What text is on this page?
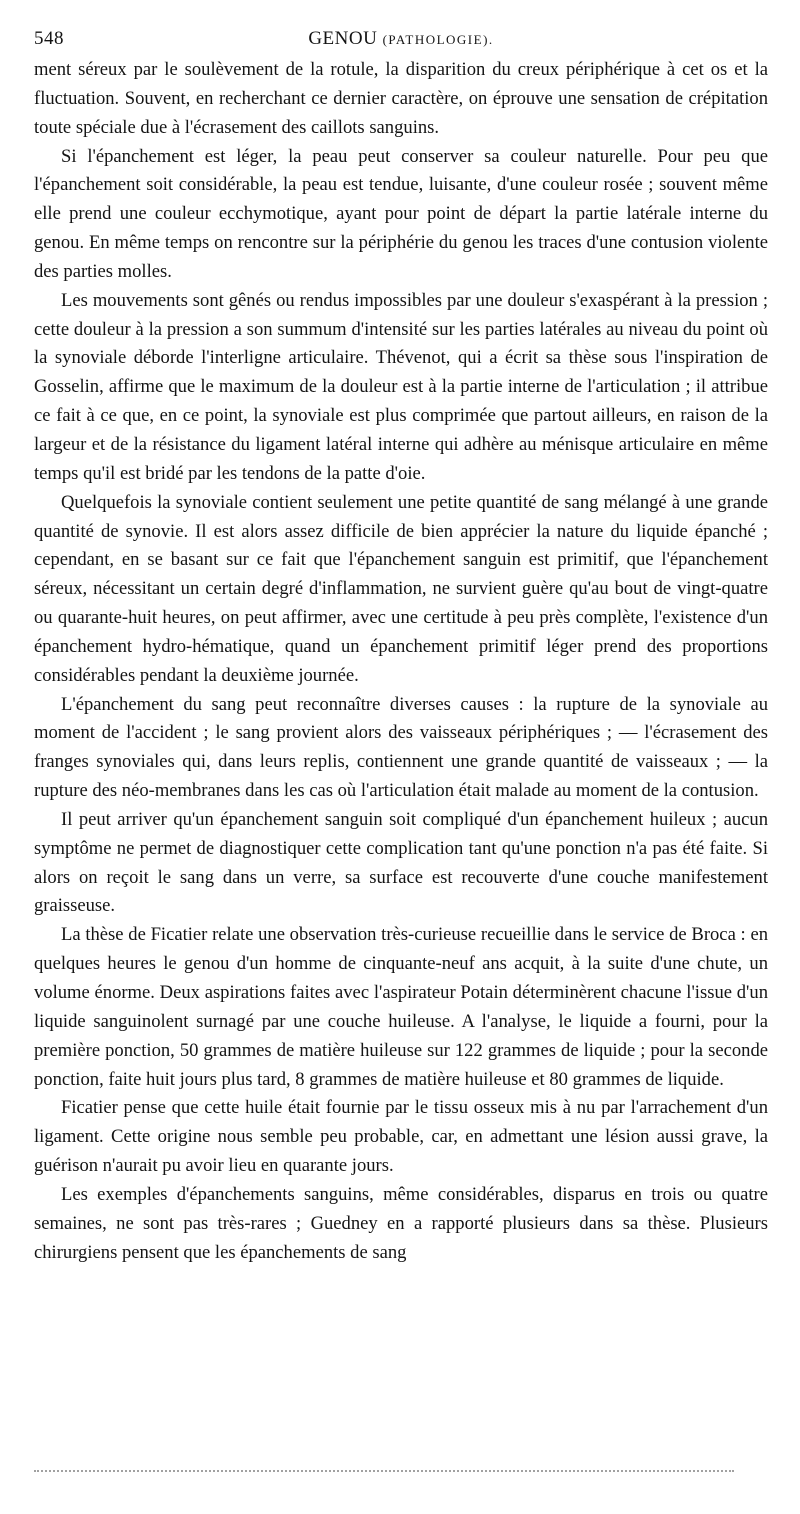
548	GENOU (PATHOLOGIE).

ment séreux par le soulèvement de la rotule, la disparition du creux périphérique à cet os et la fluctuation. Souvent, en recherchant ce dernier caractère, on éprouve une sensation de crépitation toute spéciale due à l'écrasement des caillots sanguins.

Si l'épanchement est léger, la peau peut conserver sa couleur naturelle. Pour peu que l'épanchement soit considérable, la peau est tendue, luisante, d'une couleur rosée ; souvent même elle prend une couleur ecchymotique, ayant pour point de départ la partie latérale interne du genou. En même temps on rencontre sur la périphérie du genou les traces d'une contusion violente des parties molles.

Les mouvements sont gênés ou rendus impossibles par une douleur s'exaspérant à la pression ; cette douleur à la pression a son summum d'intensité sur les parties latérales au niveau du point où la synoviale déborde l'interligne articulaire. Thévenot, qui a écrit sa thèse sous l'inspiration de Gosselin, affirme que le maximum de la douleur est à la partie interne de l'articulation ; il attribue ce fait à ce que, en ce point, la synoviale est plus comprimée que partout ailleurs, en raison de la largeur et de la résistance du ligament latéral interne qui adhère au ménisque articulaire en même temps qu'il est bridé par les tendons de la patte d'oie.

Quelquefois la synoviale contient seulement une petite quantité de sang mélangé à une grande quantité de synovie. Il est alors assez difficile de bien apprécier la nature du liquide épanché ; cependant, en se basant sur ce fait que l'épanchement sanguin est primitif, que l'épanchement séreux, nécessitant un certain degré d'inflammation, ne survient guère qu'au bout de vingt-quatre ou quarante-huit heures, on peut affirmer, avec une certitude à peu près complète, l'existence d'un épanchement hydro-hématique, quand un épanchement primitif léger prend des proportions considérables pendant la deuxième journée.

L'épanchement du sang peut reconnaître diverses causes : la rupture de la synoviale au moment de l'accident ; le sang provient alors des vaisseaux périphériques ; — l'écrasement des franges synoviales qui, dans leurs replis, contiennent une grande quantité de vaisseaux ; — la rupture des néo-membranes dans les cas où l'articulation était malade au moment de la contusion.

Il peut arriver qu'un épanchement sanguin soit compliqué d'un épanchement huileux ; aucun symptôme ne permet de diagnostiquer cette complication tant qu'une ponction n'a pas été faite. Si alors on reçoit le sang dans un verre, sa surface est recouverte d'une couche manifestement graisseuse.

La thèse de Ficatier relate une observation très-curieuse recueillie dans le service de Broca : en quelques heures le genou d'un homme de cinquante-neuf ans acquit, à la suite d'une chute, un volume énorme. Deux aspirations faites avec l'aspirateur Potain déterminèrent chacune l'issue d'un liquide sanguinolent surnagé par une couche huileuse. A l'analyse, le liquide a fourni, pour la première ponction, 50 grammes de matière huileuse sur 122 grammes de liquide ; pour la seconde ponction, faite huit jours plus tard, 8 grammes de matière huileuse et 80 grammes de liquide.

Ficatier pense que cette huile était fournie par le tissu osseux mis à nu par l'arrachement d'un ligament. Cette origine nous semble peu probable, car, en admettant une lésion aussi grave, la guérison n'aurait pu avoir lieu en quarante jours.

Les exemples d'épanchements sanguins, même considérables, disparus en trois ou quatre semaines, ne sont pas très-rares ; Guedney en a rapporté plusieurs dans sa thèse. Plusieurs chirurgiens pensent que les épanchements de sang
